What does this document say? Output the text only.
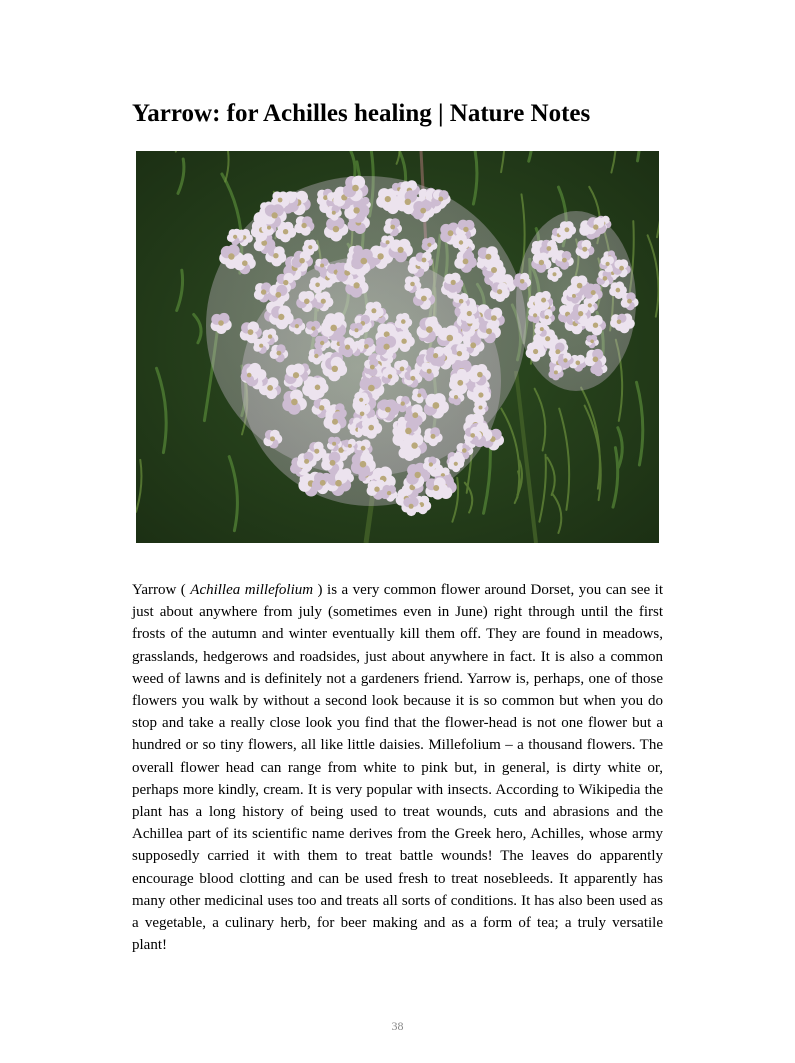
Yarrow: for Achilles healing | Nature Notes

Yarrow ( Achillea millefolium ) is a very common flower around Dorset, you can see it just about anywhere from july (sometimes even in June) right through until the first frosts of the autumn and winter eventually kill them off. They are found in meadows, grasslands, hedgerows and roadsides, just about anywhere in fact. It is also a common weed of lawns and is definitely not a gardeners friend. Yarrow is, perhaps, one of those flowers you walk by without a second look because it is so common but when you do stop and take a really close look you find that the flower-head is not one flower but a hundred or so tiny flowers, all like little daisies. Millefolium – a thousand flowers. The overall flower head can range from white to pink but, in general, is dirty white or, perhaps more kindly, cream. It is very popular with insects. According to Wikipedia the plant has a long history of being used to treat wounds, cuts and abrasions and the Achillea part of its scientific name derives from the Greek hero, Achilles, whose army supposedly carried it with them to treat battle wounds! The leaves do apparently encourage blood clotting and can be used fresh to treat nosebleeds. It apparently has many other medicinal uses too and treats all sorts of conditions. It has also been used as a vegetable, a culinary herb, for beer making and as a form of tea; a truly versatile plant!

38
